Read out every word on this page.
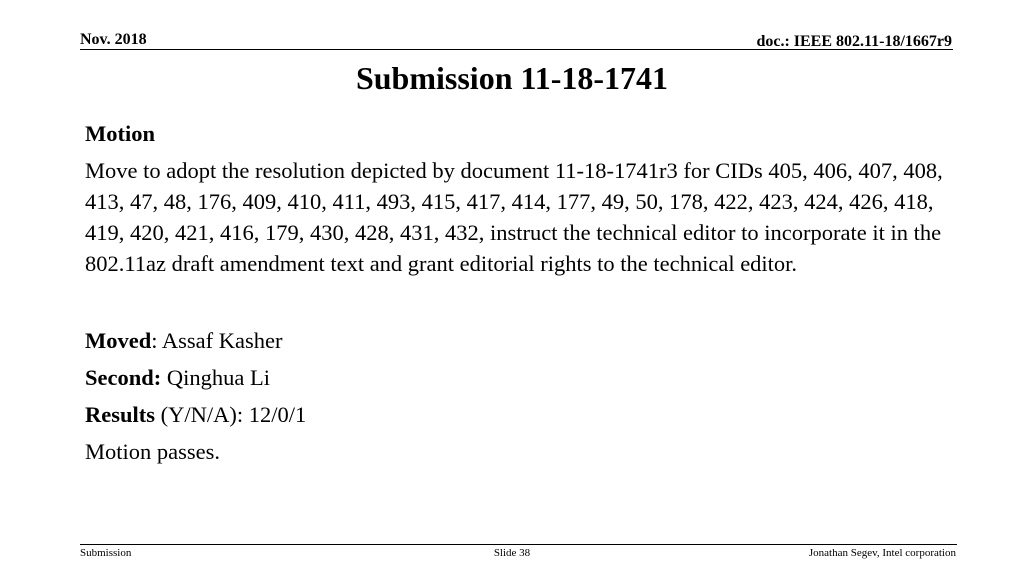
Nov. 2018	doc.: IEEE 802.11-18/1667r9
Submission 11-18-1741

Motion

Move to adopt the resolution depicted by document 11-18-1741r3 for CIDs 405, 406, 407, 408, 413, 47, 48, 176, 409, 410, 411, 493, 415, 417, 414, 177, 49, 50, 178, 422, 423, 424, 426, 418, 419, 420, 421, 416, 179, 430, 428, 431, 432, instruct the technical editor to incorporate it in the 802.11az draft amendment text and grant editorial rights to the technical editor.

Moved: Assaf Kasher

Second: Qinghua Li

Results (Y/N/A): 12/0/1

Motion passes.

Submission	Slide 38	Jonathan Segev, Intel corporation
